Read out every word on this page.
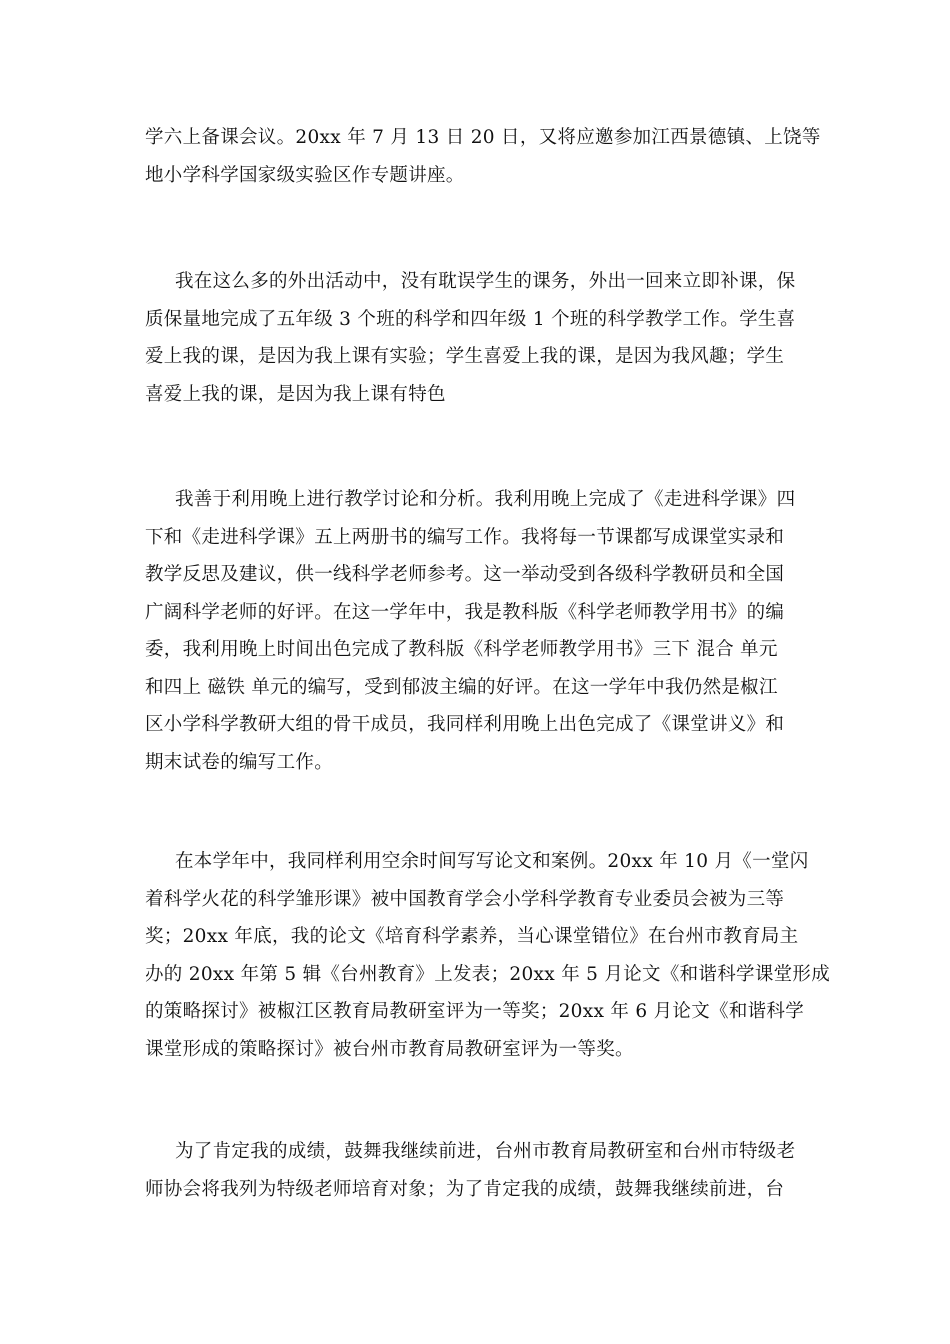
学六上备课会议。20xx 年 7 月 13 日 20 日，又将应邀参加江西景德镇、上饶等
地小学科学国家级实验区作专题讲座。
我在这么多的外出活动中，没有耽误学生的课务，外出一回来立即补课，保
质保量地完成了五年级 3 个班的科学和四年级 1 个班的科学教学工作。学生喜
爱上我的课，是因为我上课有实验；学生喜爱上我的课，是因为我风趣；学生
喜爱上我的课，是因为我上课有特色
我善于利用晚上进行教学讨论和分析。我利用晚上完成了《走进科学课》四
下和《走进科学课》五上两册书的编写工作。我将每一节课都写成课堂实录和
教学反思及建议，供一线科学老师参考。这一举动受到各级科学教研员和全国
广阔科学老师的好评。在这一学年中，我是教科版《科学老师教学用书》的编
委，我利用晚上时间出色完成了教科版《科学老师教学用书》三下 混合 单元
和四上 磁铁 单元的编写，受到郁波主编的好评。在这一学年中我仍然是椒江
区小学科学教研大组的骨干成员，我同样利用晚上出色完成了《课堂讲义》和
期末试卷的编写工作。
在本学年中，我同样利用空余时间写写论文和案例。20xx 年 10 月《一堂闪
着科学火花的科学雏形课》被中国教育学会小学科学教育专业委员会被为三等
奖；20xx 年底，我的论文《培育科学素养，当心课堂错位》在台州市教育局主
办的 20xx 年第 5 辑《台州教育》上发表；20xx 年 5 月论文《和谐科学课堂形成
的策略探讨》被椒江区教育局教研室评为一等奖；20xx 年 6 月论文《和谐科学
课堂形成的策略探讨》被台州市教育局教研室评为一等奖。
为了肯定我的成绩，鼓舞我继续前进，台州市教育局教研室和台州市特级老
师协会将我列为特级老师培育对象；为了肯定我的成绩，鼓舞我继续前进，台
